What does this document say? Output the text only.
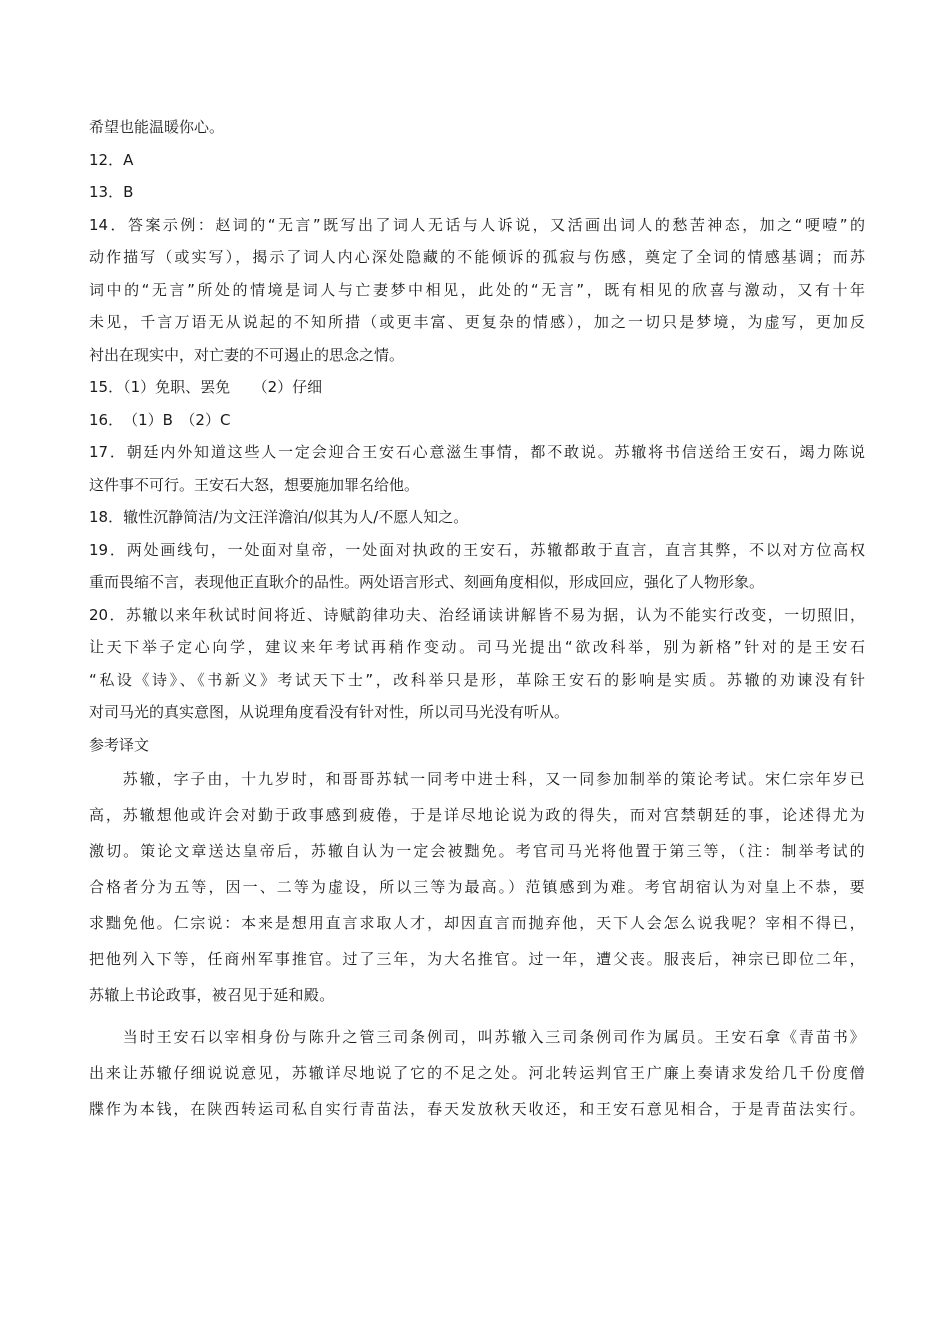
希望也能温暖你心。
12．A
13．B
14．答案示例：赵词的“无言”既写出了词人无话与人诉说，又活画出词人的愁苦神态，加之“哽噎”的
动作描写（或实写），揭示了词人内心深处隐藏的不能倾诉的孤寂与伤感，奠定了全词的情感基调；而苏
词中的“无言”所处的情境是词人与亡妻梦中相见，此处的“无言”，既有相见的欣喜与激动，又有十年
未见，千言万语无从说起的不知所措（或更丰富、更复杂的情感），加之一切只是梦境，为虚写，更加反
衬出在现实中，对亡妻的不可遏止的思念之情。
15．（1）免职、罢免　　（2）仔细
16．　（1）B　（2）C
17．朝廷内外知道这些人一定会迎合王安石心意滋生事情，都不敢说。苏辙将书信送给王安石，竭力陈说
这件事不可行。王安石大怒，想要施加罪名给他。
18．辙性沉静简洁/为文汪洋澹泊/似其为人/不愿人知之。
19．两处画线句，一处面对皇帝，一处面对执政的王安石，苏辙都敢于直言，直言其弊，不以对方位高权
重而畏缩不言，表现他正直耿介的品性。两处语言形式、刻画角度相似，形成回应，强化了人物形象。
20．苏辙以来年秋试时间将近、诗赋韵律功夫、治经诵读讲解皆不易为据，认为不能实行改变，一切照旧，
让天下举子定心向学，建议来年考试再稍作变动。司马光提出“欲改科举，别为新格”针对的是王安石
“私设《诗》、《书新义》考试天下士”，改科举只是形，革除王安石的影响是实质。苏辙的劝谏没有针
对司马光的真实意图，从说理角度看没有针对性，所以司马光没有听从。
参考译文
　　苏辙，字子由，十九岁时，和哥哥苏轼一同考中进士科，又一同参加制举的策论考试。宋仁宗年岁已
高，苏辙想他或许会对勤于政事感到疲倦，于是详尽地论说为政的得失，而对宫禁朝廷的事，论述得尤为
激切。策论文章送达皇帝后，苏辙自认为一定会被黜免。考官司马光将他置于第三等，（注：制举考试的
合格者分为五等，因一、二等为虚设，所以三等为最高。）范镇感到为难。考官胡宿认为对皇上不恭，要
求黜免他。仁宗说：本来是想用直言求取人才，却因直言而抛弃他，天下人会怎么说我呢？宰相不得已，
把他列入下等，任商州军事推官。过了三年，为大名推官。过一年，遭父丧。服丧后，神宗已即位二年，
苏辙上书论政事，被召见于延和殿。
　　当时王安石以宰相身份与陈升之管三司条例司，叫苏辙入三司条例司作为属员。王安石拿《青苗书》
出来让苏辙仔细说说意见，苏辙详尽地说了它的不足之处。河北转运判官王广廉上奏请求发给几千份度僧
牒作为本钱，在陕西转运司私自实行青苗法，春天发放秋天收还，和王安石意见相合，于是青苗法实行。
